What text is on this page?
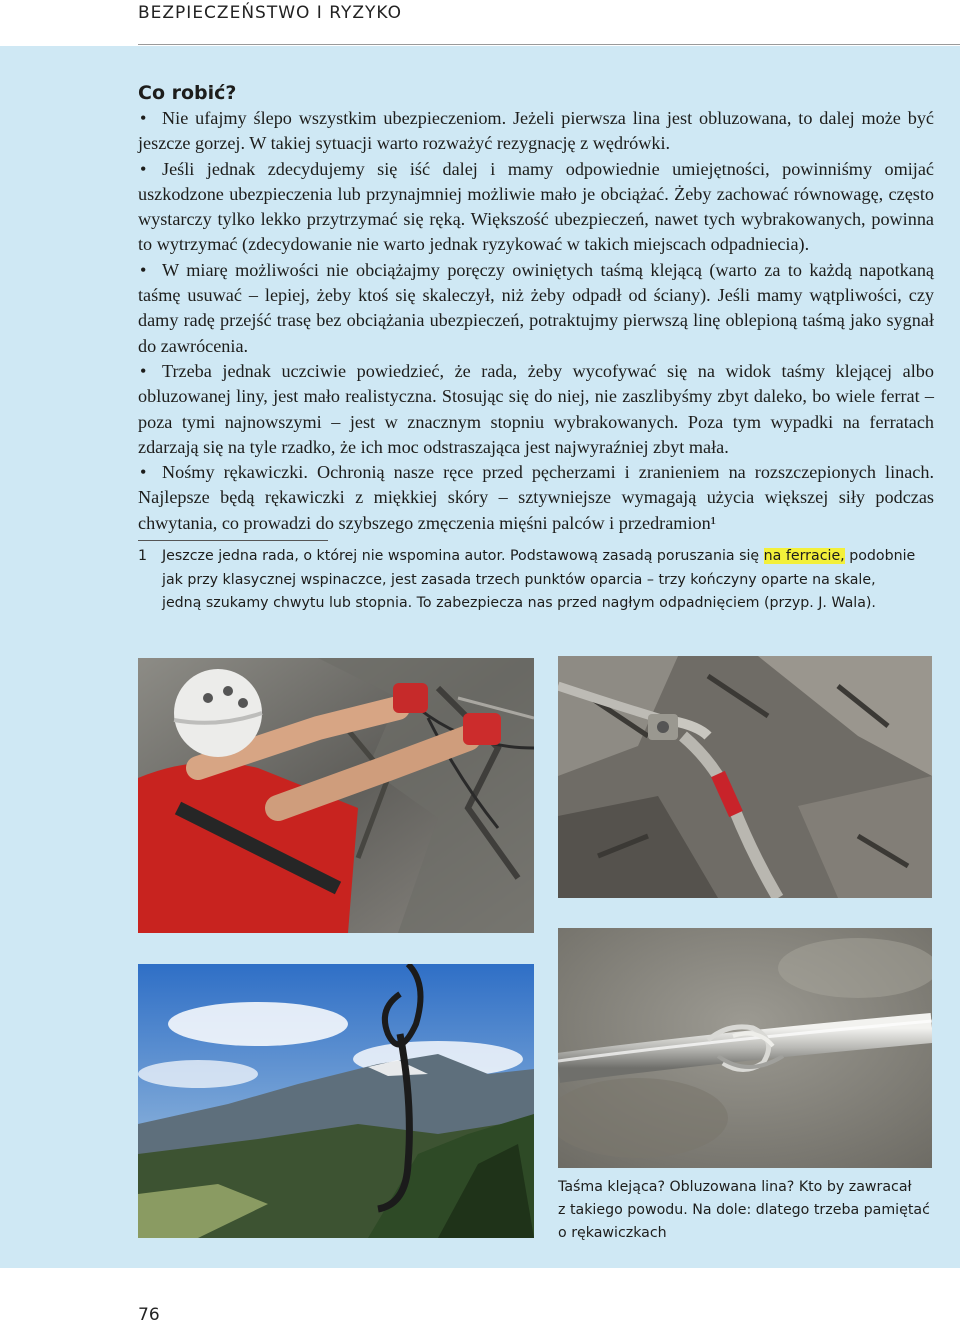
BEZPIECZEŃSTWO I RYZYKO
Co robić?

• Nie ufajmy ślepo wszystkim ubezpieczeniom. Jeżeli pierwsza lina jest obluzowana, to dalej może być jeszcze gorzej. W takiej sytuacji warto rozważyć rezygnację z wędrówki.

• Jeśli jednak zdecydujemy się iść dalej i mamy odpowiednie umiejętności, powinniśmy omijać uszkodzone ubezpieczenia lub przynajmniej możliwie mało je obciążać. Żeby zachować równowagę, często wystarczy tylko lekko przytrzymać się ręką. Większość ubezpieczeń, nawet tych wybrakowanych, powinna to wytrzymać (zdecydowanie nie warto jednak ryzykować w takich miejscach odpadniecia).

• W miarę możliwości nie obciążajmy poręczy owiniętych taśmą klejącą (warto za to każdą napotkaną taśmę usuwać – lepiej, żeby ktoś się skaleczył, niż żeby odpadł od ściany). Jeśli mamy wątpliwości, czy damy radę przejść trasę bez obciążania ubezpieczeń, potraktujmy pierwszą linę oblepioną taśmą jako sygnał do zawrócenia.

• Trzeba jednak uczciwie powiedzieć, że rada, żeby wycofywać się na widok taśmy klejącej albo obluzowanej liny, jest mało realistyczna. Stosując się do niej, nie zaszlibyśmy zbyt daleko, bo wiele ferrat – poza tymi najnowszymi – jest w znacznym stopniu wybrakowanych. Poza tym wypadki na ferratach zdarzają się na tyle rzadko, że ich moc odstraszająca jest najwyraźniej zbyt mała.

• Nośmy rękawiczki. Ochronią nasze ręce przed pęcherzami i zranieniem na rozszczepionych linach. Najlepsze będą rękawiczki z miękkiej skóry – sztywniejsze wymagają użycia większej siły podczas chwytania, co prowadzi do szybszego zmęczenia mięśni palców i przedramion¹

1 Jeszcze jedna rada, o której nie wspomina autor. Podstawową zasadą poruszania się na ferracie, podobnie
jak przy klasycznej wspinaczce, jest zasada trzech punktów oparcia – trzy kończyny oparte na skale,
jedną szukamy chwytu lub stopnia. To zabezpiecza nas przed nagłym odpadnięciem (przyp. J. Wala).
Taśma klejąca? Obluzowana lina? Kto by zawracał
z takiego powodu. Na dole: dlatego trzeba pamiętać
o rękawiczkach
76
